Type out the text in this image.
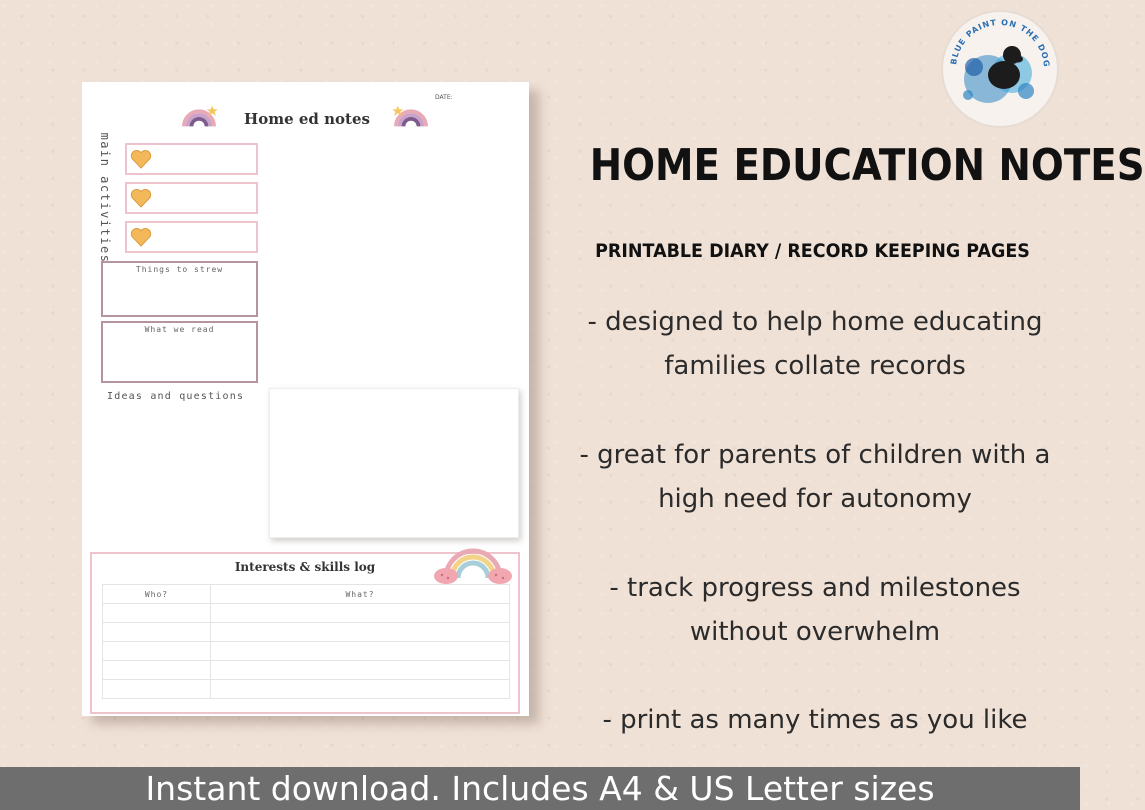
Home ed notes
DATE:
main activities
Things to strew
What we read
Ideas and questions
Interests & skills log
Who?	What?

BLUE PAINT ON THE DOG
HOME EDUCATION NOTES
PRINTABLE DIARY / RECORD KEEPING PAGES
- designed to help home educating
families collate records
- great for parents of children with a
high need for autonomy
- track progress and milestones
without overwhelm
- print as many times as you like
Instant download. Includes A4 & US Letter sizes
